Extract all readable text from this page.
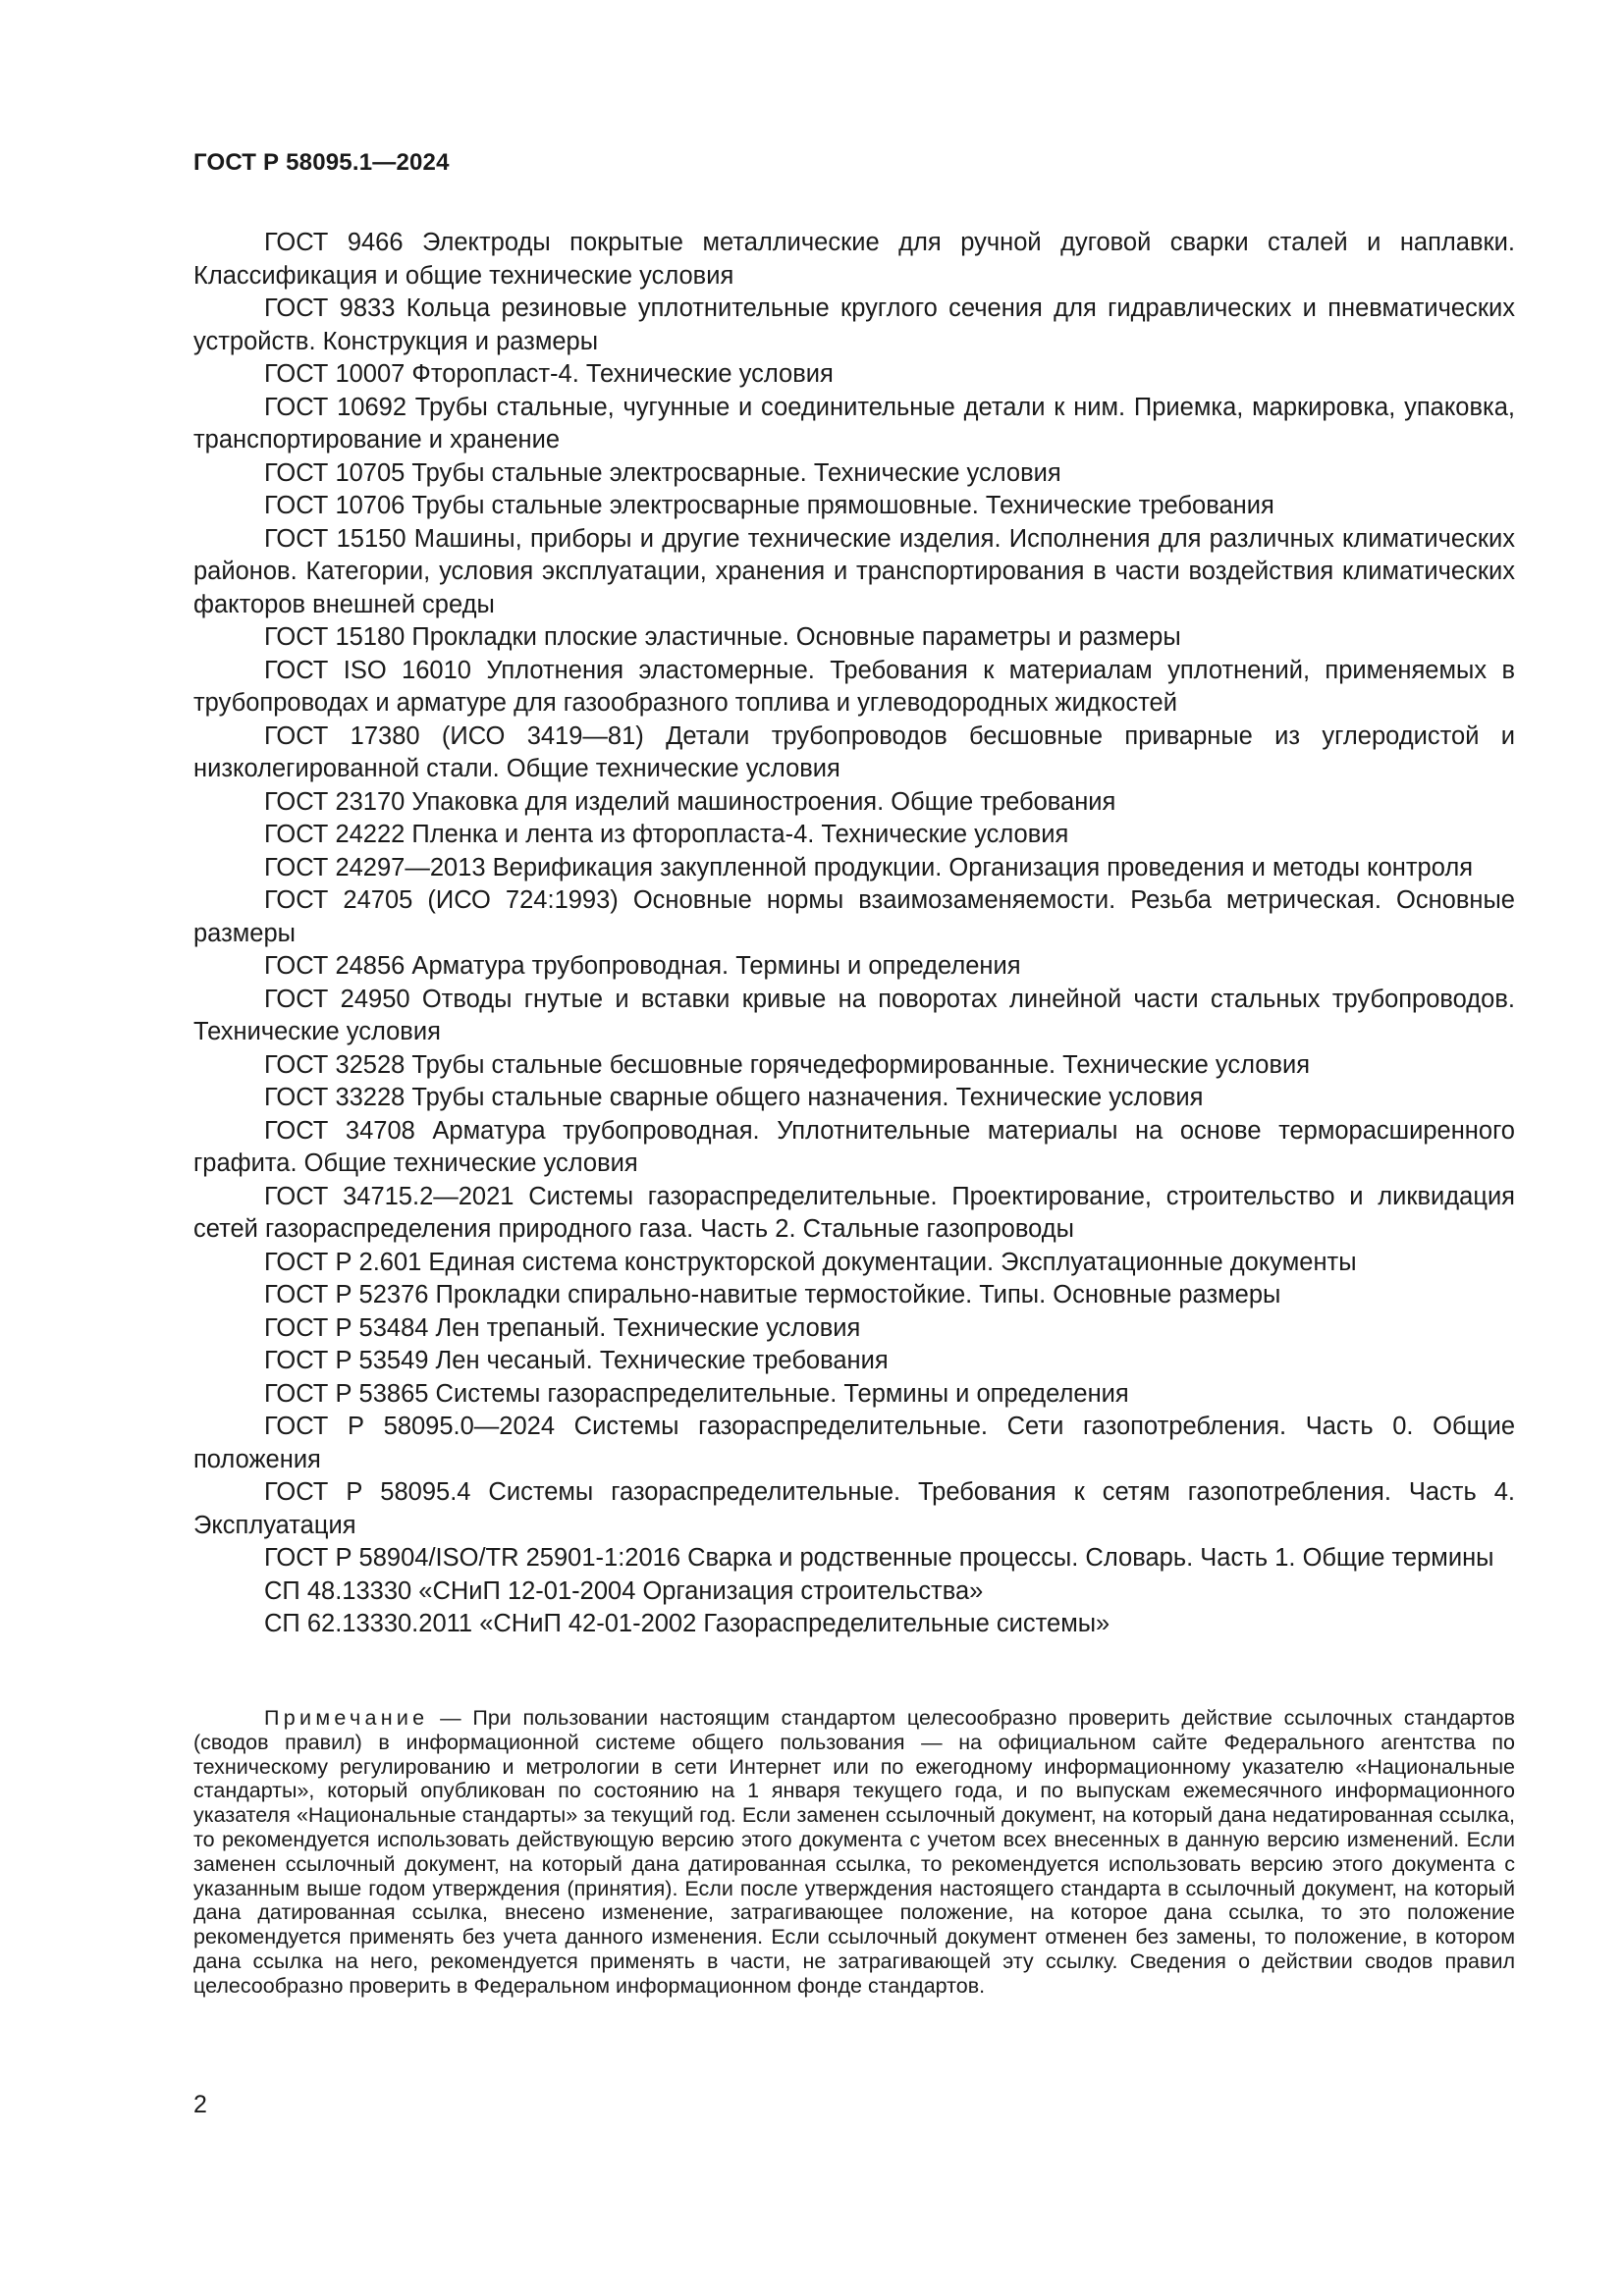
ГОСТ Р 58095.1—2024

ГОСТ 9466 Электроды покрытые металлические для ручной дуговой сварки сталей и наплавки. Классификация и общие технические условия

ГОСТ 9833 Кольца резиновые уплотнительные круглого сечения для гидравлических и пневматических устройств. Конструкция и размеры

ГОСТ 10007 Фторопласт-4. Технические условия

ГОСТ 10692 Трубы стальные, чугунные и соединительные детали к ним. Приемка, маркировка, упаковка, транспортирование и хранение

ГОСТ 10705 Трубы стальные электросварные. Технические условия

ГОСТ 10706 Трубы стальные электросварные прямошовные. Технические требования

ГОСТ 15150 Машины, приборы и другие технические изделия. Исполнения для различных климатических районов. Категории, условия эксплуатации, хранения и транспортирования в части воздействия климатических факторов внешней среды

ГОСТ 15180 Прокладки плоские эластичные. Основные параметры и размеры

ГОСТ ISO 16010 Уплотнения эластомерные. Требования к материалам уплотнений, применяемых в трубопроводах и арматуре для газообразного топлива и углеводородных жидкостей

ГОСТ 17380 (ИСО 3419—81) Детали трубопроводов бесшовные приварные из углеродистой и низколегированной стали. Общие технические условия

ГОСТ 23170 Упаковка для изделий машиностроения. Общие требования

ГОСТ 24222 Пленка и лента из фторопласта-4. Технические условия

ГОСТ 24297—2013 Верификация закупленной продукции. Организация проведения и методы контроля

ГОСТ 24705 (ИСО 724:1993) Основные нормы взаимозаменяемости. Резьба метрическая. Основные размеры

ГОСТ 24856 Арматура трубопроводная. Термины и определения

ГОСТ 24950 Отводы гнутые и вставки кривые на поворотах линейной части стальных трубопроводов. Технические условия

ГОСТ 32528 Трубы стальные бесшовные горячедеформированные. Технические условия

ГОСТ 33228 Трубы стальные сварные общего назначения. Технические условия

ГОСТ 34708 Арматура трубопроводная. Уплотнительные материалы на основе терморасширенного графита. Общие технические условия

ГОСТ 34715.2—2021 Системы газораспределительные. Проектирование, строительство и ликвидация сетей газораспределения природного газа. Часть 2. Стальные газопроводы

ГОСТ Р 2.601 Единая система конструкторской документации. Эксплуатационные документы

ГОСТ Р 52376 Прокладки спирально-навитые термостойкие. Типы. Основные размеры

ГОСТ Р 53484 Лен трепаный. Технические условия

ГОСТ Р 53549 Лен чесаный. Технические требования

ГОСТ Р 53865 Системы газораспределительные. Термины и определения

ГОСТ Р 58095.0—2024 Системы газораспределительные. Сети газопотребления. Часть 0. Общие положения

ГОСТ Р 58095.4 Системы газораспределительные. Требования к сетям газопотребления. Часть 4. Эксплуатация

ГОСТ Р 58904/ISO/TR 25901-1:2016 Сварка и родственные процессы. Словарь. Часть 1. Общие термины

СП 48.13330 «СНиП 12-01-2004 Организация строительства»

СП 62.13330.2011 «СНиП 42-01-2002 Газораспределительные системы»

Примечание — При пользовании настоящим стандартом целесообразно проверить действие ссылочных стандартов (сводов правил) в информационной системе общего пользования — на официальном сайте Федерального агентства по техническому регулированию и метрологии в сети Интернет или по ежегодному информационному указателю «Национальные стандарты», который опубликован по состоянию на 1 января текущего года, и по выпускам ежемесячного информационного указателя «Национальные стандарты» за текущий год. Если заменен ссылочный документ, на который дана недатированная ссылка, то рекомендуется использовать действующую версию этого документа с учетом всех внесенных в данную версию изменений. Если заменен ссылочный документ, на который дана датированная ссылка, то рекомендуется использовать версию этого документа с указанным выше годом утверждения (принятия). Если после утверждения настоящего стандарта в ссылочный документ, на который дана датированная ссылка, внесено изменение, затрагивающее положение, на которое дана ссылка, то это положение рекомендуется применять без учета данного изменения. Если ссылочный документ отменен без замены, то положение, в котором дана ссылка на него, рекомендуется применять в части, не затрагивающей эту ссылку. Сведения о действии сводов правил целесообразно проверить в Федеральном информационном фонде стандартов.

2
